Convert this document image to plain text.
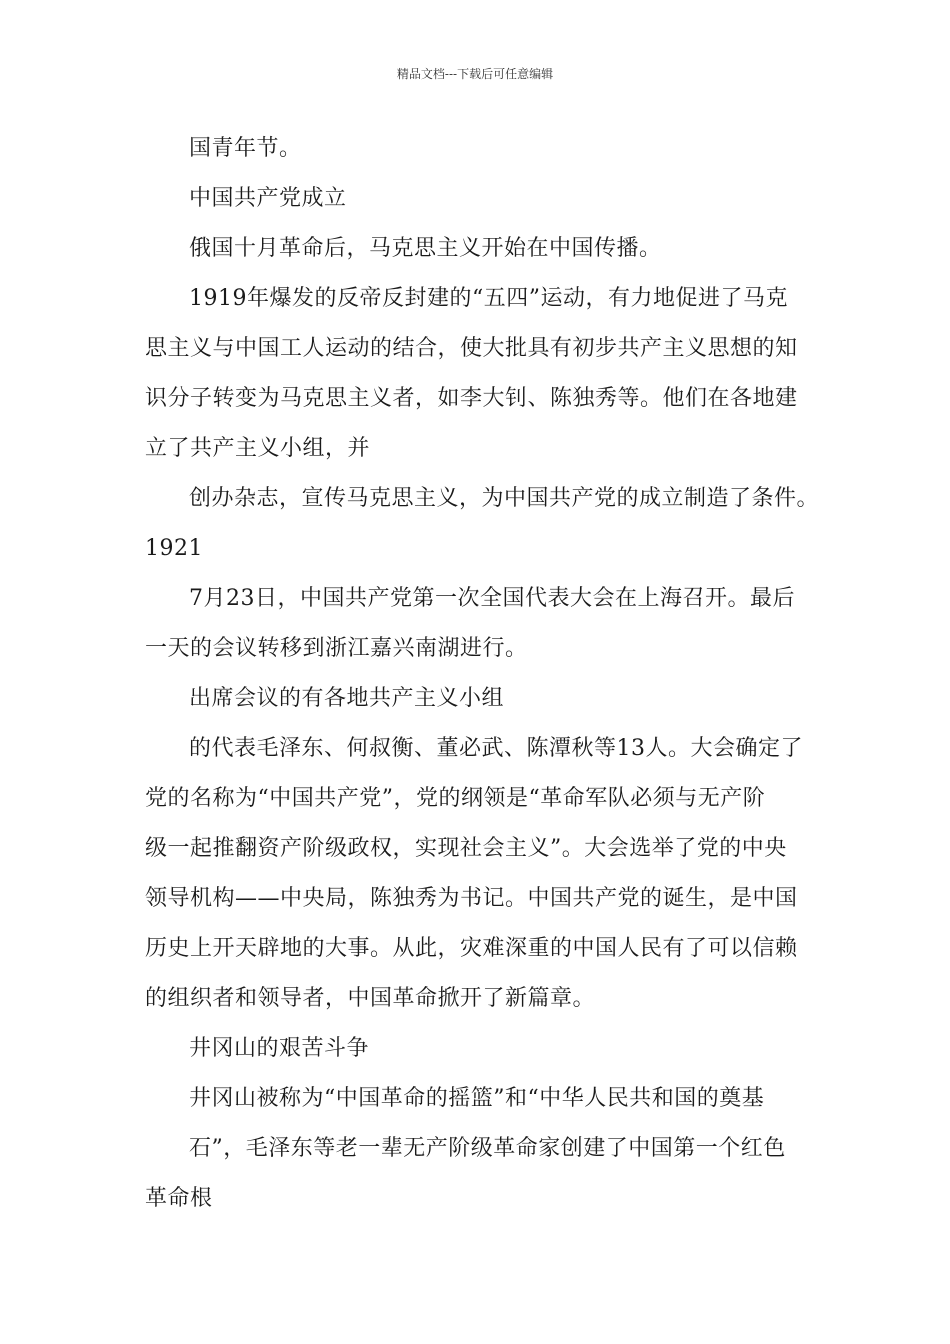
精品文档---下载后可任意编辑
国青年节。
中国共产党成立
俄国十月革命后，马克思主义开始在中国传播。
1919年爆发的反帝反封建的“五四”运动，有力地促进了马克
思主义与中国工人运动的结合，使大批具有初步共产主义思想的知
识分子转变为马克思主义者，如李大钊、陈独秀等。他们在各地建
立了共产主义小组，并
创办杂志，宣传马克思主义，为中国共产党的成立制造了条件。
1921
7月23日，中国共产党第一次全国代表大会在上海召开。最后
一天的会议转移到浙江嘉兴南湖进行。
出席会议的有各地共产主义小组
的代表毛泽东、何叔衡、董必武、陈潭秋等13人。大会确定了
党的名称为“中国共产党”，党的纲领是“革命军队必须与无产阶
级一起推翻资产阶级政权，实现社会主义”。大会选举了党的中央
领导机构——中央局，陈独秀为书记。中国共产党的诞生，是中国
历史上开天辟地的大事。从此，灾难深重的中国人民有了可以信赖
的组织者和领导者，中国革命掀开了新篇章。
井冈山的艰苦斗争
井冈山被称为“中国革命的摇篮”和“中华人民共和国的奠基
石”，毛泽东等老一辈无产阶级革命家创建了中国第一个红色
革命根
